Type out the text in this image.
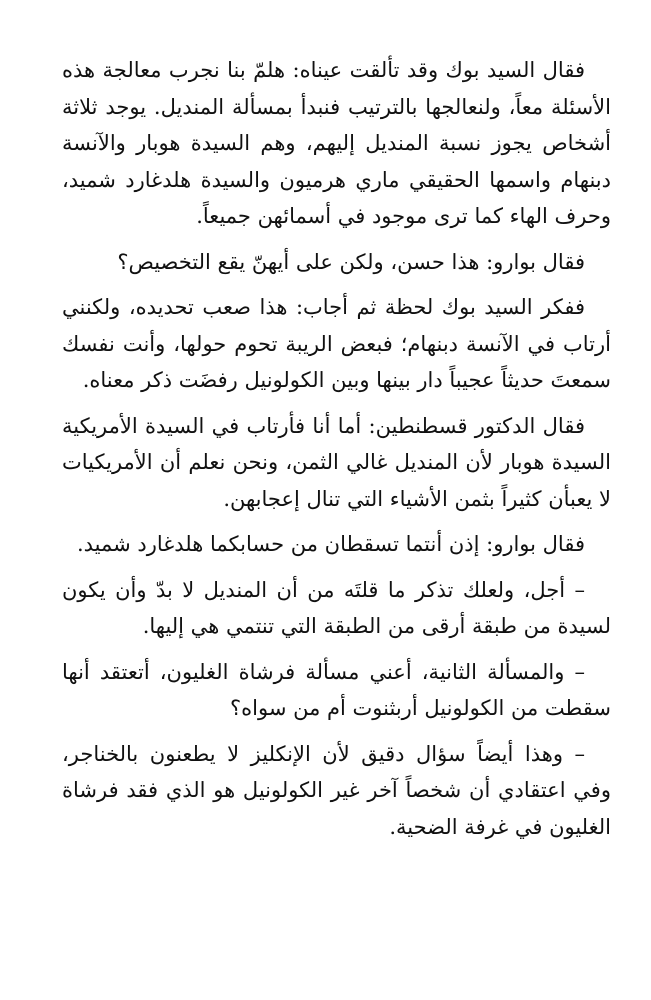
فقال السيد بوك وقد تألقت عيناه: هلمّ بنا نجرب معالجة هذه الأسئلة معاً، ولنعالجها بالترتيب فنبدأ بمسألة المنديل. يوجد ثلاثة أشخاص يجوز نسبة المنديل إليهم، وهم السيدة هوبار والآنسة دبنهام واسمها الحقيقي ماري هرميون والسيدة هلدغارد شميد، وحرف الهاء كما ترى موجود في أسمائهن جميعاً.

فقال بوارو: هذا حسن، ولكن على أيهنّ يقع التخصيص؟

ففكر السيد بوك لحظة ثم أجاب: هذا صعب تحديده، ولكنني أرتاب في الآنسة دبنهام؛ فبعض الريبة تحوم حولها، وأنت نفسك سمعتَ حديثاً عجيباً دار بينها وبين الكولونيل رفضَت ذكر معناه.

فقال الدكتور قسطنطين: أما أنا فأرتاب في السيدة الأمريكية السيدة هوبار لأن المنديل غالي الثمن، ونحن نعلم أن الأمريكيات لا يعبأن كثيراً بثمن الأشياء التي تنال إعجابهن.

فقال بوارو: إذن أنتما تسقطان من حسابكما هلدغارد شميد.

– أجل، ولعلك تذكر ما قلتَه من أن المنديل لا بدّ وأن يكون لسيدة من طبقة أرقى من الطبقة التي تنتمي هي إليها.

– والمسألة الثانية، أعني مسألة فرشاة الغليون، أتعتقد أنها سقطت من الكولونيل أربثنوت أم من سواه؟

– وهذا أيضاً سؤال دقيق لأن الإنكليز لا يطعنون بالخناجر، وفي اعتقادي أن شخصاً آخر غير الكولونيل هو الذي فقد فرشاة الغليون في غرفة الضحية.
